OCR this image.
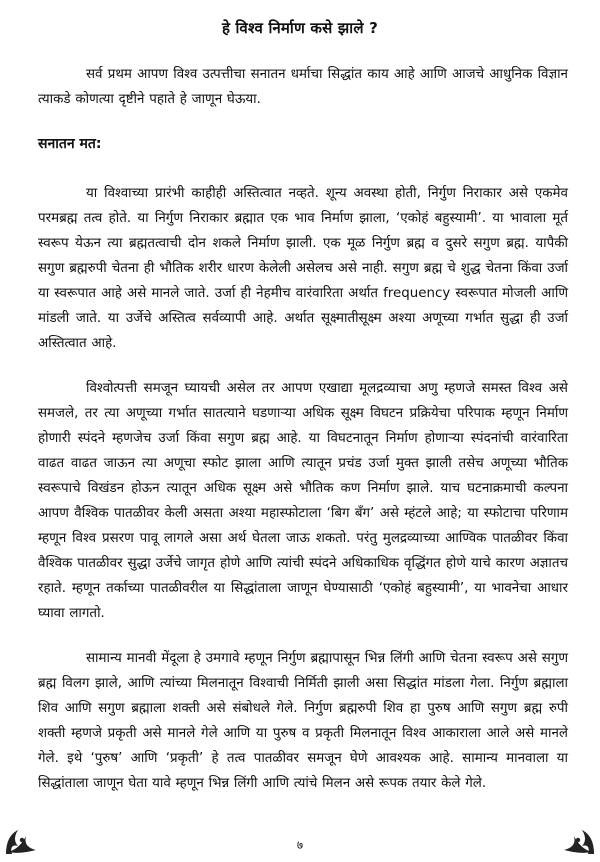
हे विश्व निर्माण कसे झाले ?

सर्व प्रथम आपण विश्व उत्पत्तीचा सनातन धर्माचा सिद्धांत काय आहे आणि आजचे आधुनिक विज्ञान त्याकडे कोणत्या दृष्टीने पहाते हे जाणून घेऊया.

सनातन मत:

या विश्वाच्या प्रारंभी काहीही अस्तित्वात नव्हते. शून्य अवस्था होती, निर्गुण निराकार असे एकमेव परमब्रह्म तत्व होते. या निर्गुण निराकार ब्रह्मात एक भाव निर्माण झाला, ‘एकोहं बहुस्यामी’. या भावाला मूर्त स्वरूप येऊन त्या ब्रह्मतत्वाची दोन शकले निर्माण झाली. एक मूळ निर्गुण ब्रह्म व दुसरे सगुण ब्रह्म. यापैकी सगुण ब्रह्मरुपी चेतना ही भौतिक शरीर धारण केलेली असेलच असे नाही. सगुण ब्रह्म चे शुद्ध चेतना किंवा उर्जा या स्वरूपात आहे असे मानले जाते. उर्जा ही नेहमीच वारंवारिता अर्थात frequency स्वरूपात मोजली आणि मांडली जाते. या उर्जेचे अस्तित्व सर्वव्यापी आहे. अर्थात सूक्ष्मातीसूक्ष्म अश्या अणूच्या गर्भात सुद्धा ही उर्जा अस्तित्वात आहे.

विश्वोत्पत्ती समजून घ्यायची असेल तर आपण एखाद्या मूलद्रव्याचा अणु म्हणजे समस्त विश्व असे समजले, तर त्या अणूच्या गर्भात सातत्याने घडणाऱ्या अधिक सूक्ष्म विघटन प्रक्रियेचा परिपाक म्हणून निर्माण होणारी स्पंदने म्हणजेच उर्जा किंवा सगुण ब्रह्म आहे. या विघटनातून निर्माण होणाऱ्या स्पंदनांची वारंवारिता वाढत वाढत जाऊन त्या अणूचा स्फोट झाला आणि त्यातून प्रचंड उर्जा मुक्त झाली तसेच अणूच्या भौतिक स्वरूपाचे विखंडन होऊन त्यातून अधिक सूक्ष्म असे भौतिक कण निर्माण झाले. याच घटनाक्रमाची कल्पना आपण वैश्विक पातळीवर केली असता अश्या महास्फोटाला ‘बिग बँग’ असे म्हंटले आहे; या स्फोटाचा परिणाम म्हणून विश्व प्रसरण पावू लागले असा अर्थ घेतला जाऊ शकतो. परंतु मुलद्रव्याच्या आण्विक पातळीवर किंवा वैश्विक पातळीवर सुद्धा उर्जेचे जागृत होणे आणि त्यांची स्पंदने अधिकाधिक वृद्धिंगत होणे याचे कारण अज्ञातच रहाते. म्हणून तर्काच्या पातळीवरील या सिद्धांताला जाणून घेण्यासाठी ‘एकोहं बहुस्यामी’, या भावनेचा आधार घ्यावा लागतो.

सामान्य मानवी मेंदूला हे उमगावे म्हणून निर्गुण ब्रह्मापासून भिन्न लिंगी आणि चेतना स्वरूप असे सगुण ब्रह्म विलग झाले, आणि त्यांच्या मिलनातून विश्वाची निर्मिती झाली असा सिद्धांत मांडला गेला. निर्गुण ब्रह्माला शिव आणि सगुण ब्रह्माला शक्ती असे संबोधले गेले. निर्गुण ब्रह्मरुपी शिव हा पुरुष आणि सगुण ब्रह्म रुपी शक्ती म्हणजे प्रकृती असे मानले गेले आणि या पुरुष व प्रकृती मिलनातून विश्व आकाराला आले असे मानले गेले. इथे ‘पुरुष’ आणि ‘प्रकृती’ हे तत्व पातळीवर समजून घेणे आवश्यक आहे. सामान्य मानवाला या सिद्धांताला जाणून घेता यावे म्हणून भिन्न लिंगी आणि त्यांचे मिलन असे रूपक तयार केले गेले.

७
